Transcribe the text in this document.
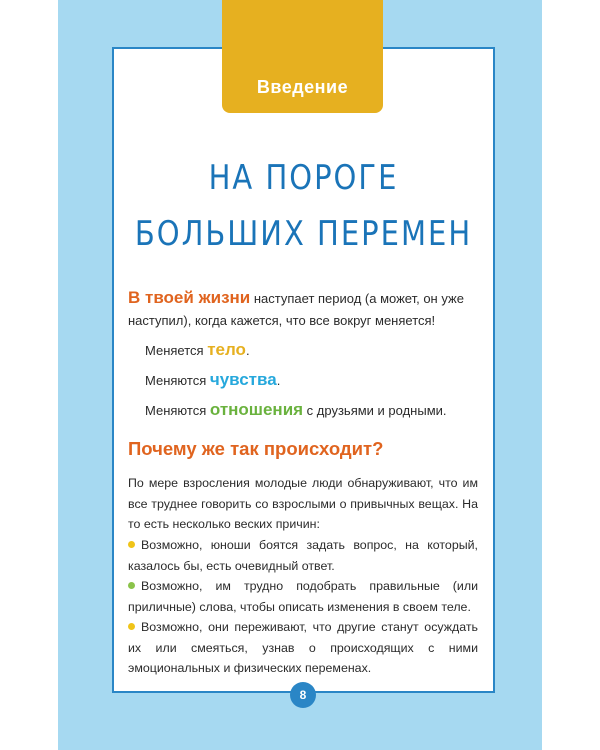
Введение
НА ПОРОГЕ
БОЛЬШИХ ПЕРЕМЕН
В твоей жизни наступает период (а может, он уже наступил), когда кажется, что все вокруг меняется!
Меняется тело.
Меняются чувства.
Меняются отношения с друзьями и родными.
Почему же так происходит?
По мере взросления молодые люди обнаруживают, что им все труднее говорить со взрослыми о привычных вещах. На то есть несколько веских причин:
Возможно, юноши боятся задать вопрос, на который, казалось бы, есть очевидный ответ.
Возможно, им трудно подобрать правильные (или приличные) слова, чтобы описать изменения в своем теле.
Возможно, они переживают, что другие станут осуждать их или смеяться, узнав о происходящих с ними эмоциональных и физических переменах.
8
